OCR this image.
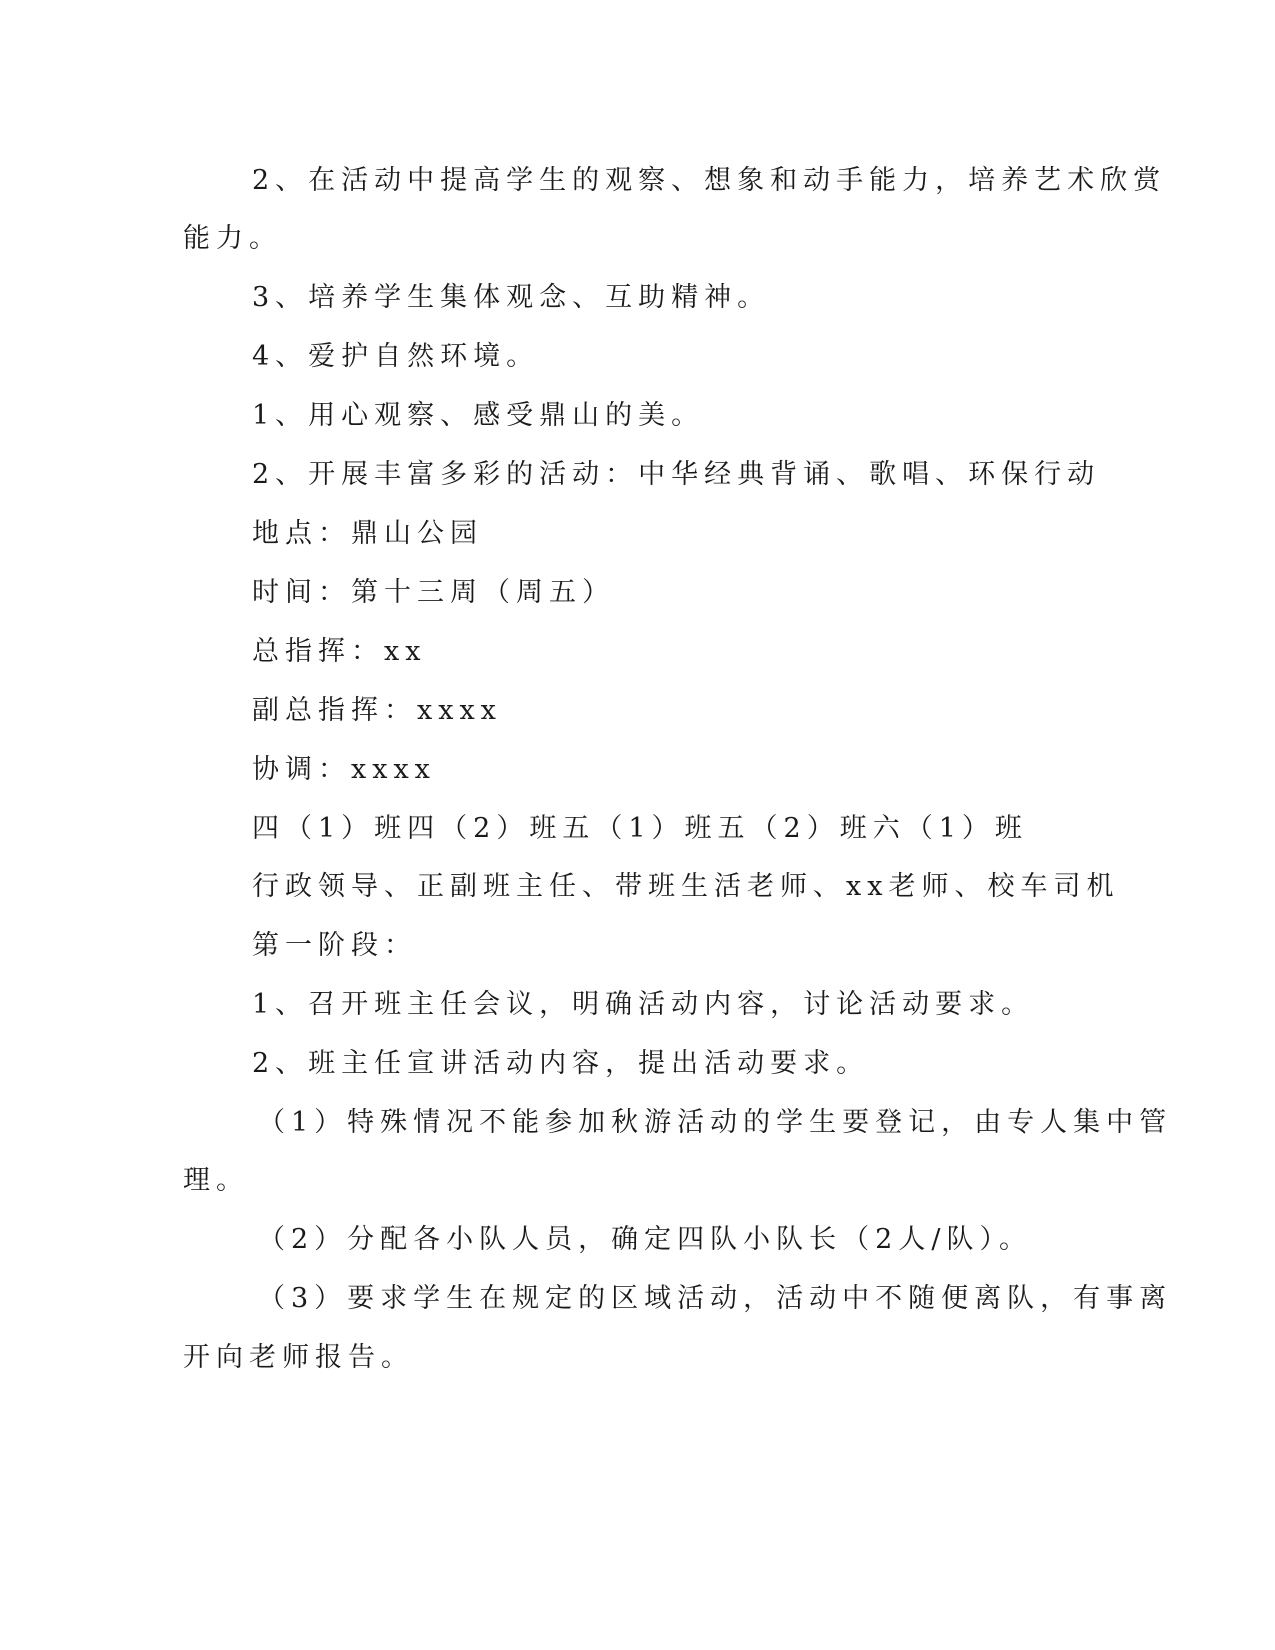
2、在活动中提高学生的观察、想象和动手能力，培养艺术欣赏
能力。
3、培养学生集体观念、互助精神。
4、爱护自然环境。
1、用心观察、感受鼎山的美。
2、开展丰富多彩的活动：中华经典背诵、歌唱、环保行动
地点：鼎山公园
时间：第十三周（周五）
总指挥：xx
副总指挥：xxxx
协调：xxxx
四（1）班四（2）班五（1）班五（2）班六（1）班
行政领导、正副班主任、带班生活老师、xx老师、校车司机
第一阶段：
1、召开班主任会议，明确活动内容，讨论活动要求。
2、班主任宣讲活动内容，提出活动要求。
（1）特殊情况不能参加秋游活动的学生要登记，由专人集中管
理。
（2）分配各小队人员，确定四队小队长（2人/队）。
（3）要求学生在规定的区域活动，活动中不随便离队，有事离
开向老师报告。
